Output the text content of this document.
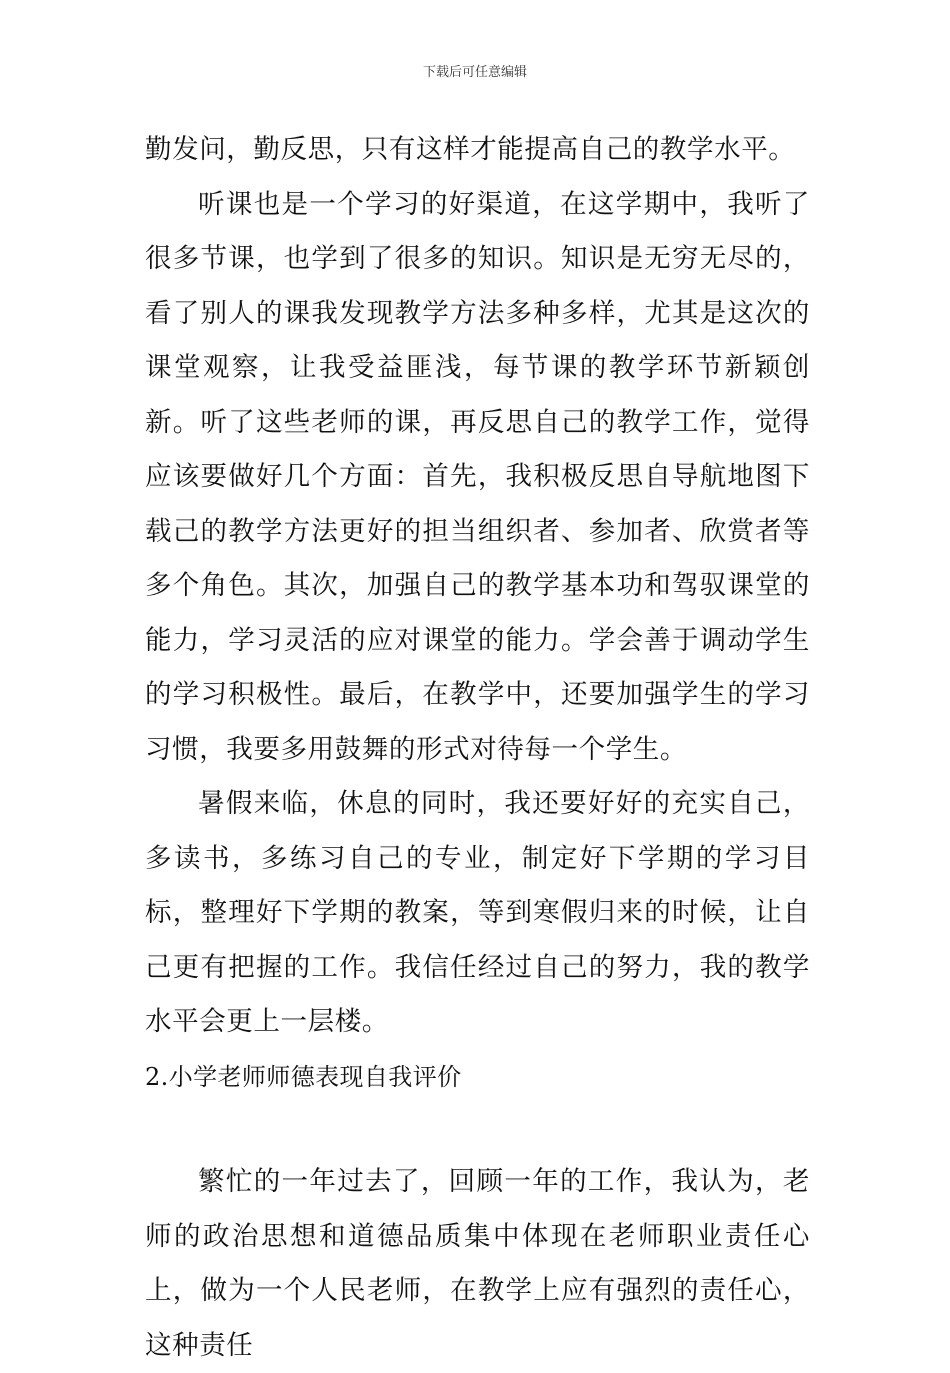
下载后可任意编辑

勤发问，勤反思，只有这样才能提高自己的教学水平。

听课也是一个学习的好渠道，在这学期中，我听了很多节课，也学到了很多的知识。知识是无穷无尽的，看了别人的课我发现教学方法多种多样，尤其是这次的课堂观察，让我受益匪浅，每节课的教学环节新颖创新。听了这些老师的课，再反思自己的教学工作，觉得应该要做好几个方面：首先，我积极反思自导航地图下载己的教学方法更好的担当组织者、参加者、欣赏者等多个角色。其次，加强自己的教学基本功和驾驭课堂的能力，学习灵活的应对课堂的能力。学会善于调动学生的学习积极性。最后，在教学中，还要加强学生的学习习惯，我要多用鼓舞的形式对待每一个学生。

暑假来临，休息的同时，我还要好好的充实自己，多读书，多练习自己的专业，制定好下学期的学习目标，整理好下学期的教案，等到寒假归来的时候，让自己更有把握的工作。我信任经过自己的努力，我的教学水平会更上一层楼。

2.小学老师师德表现自我评价

繁忙的一年过去了，回顾一年的工作，我认为，老师的政治思想和道德品质集中体现在老师职业责任心上，做为一个人民老师，在教学上应有强烈的责任心，这种责任
